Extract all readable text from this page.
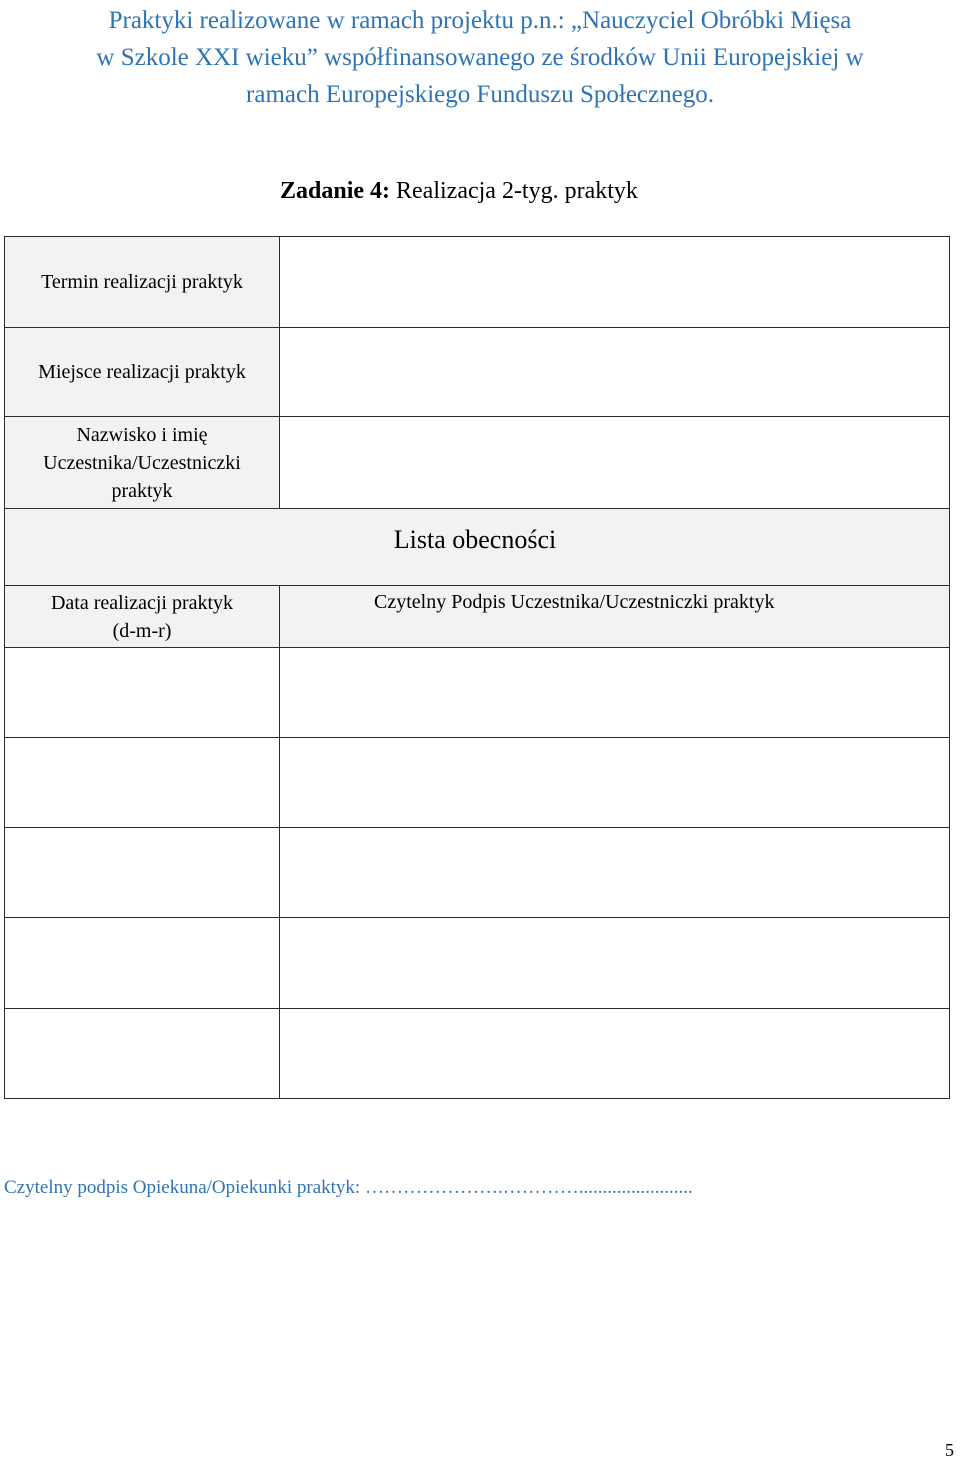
Praktyki realizowane w ramach projektu p.n.: „Nauczyciel Obróbki Mięsa
w Szkole XXI wieku” współfinansowanego ze środków Unii Europejskiej w
ramach Europejskiego Funduszu Społecznego.
Zadanie 4: Realizacja 2-tyg. praktyk
Termin realizacji praktyk	
Miejsce realizacji praktyk	
Nazwisko i imię
Uczestnika/Uczestniczki
praktyk	
Lista obecności	
Data realizacji praktyk
(d-m-r)	Czytelny Podpis Uczestnika/Uczestniczki praktyk

Czytelny podpis Opiekuna/Opiekunki praktyk: ………………….…………........................
5
